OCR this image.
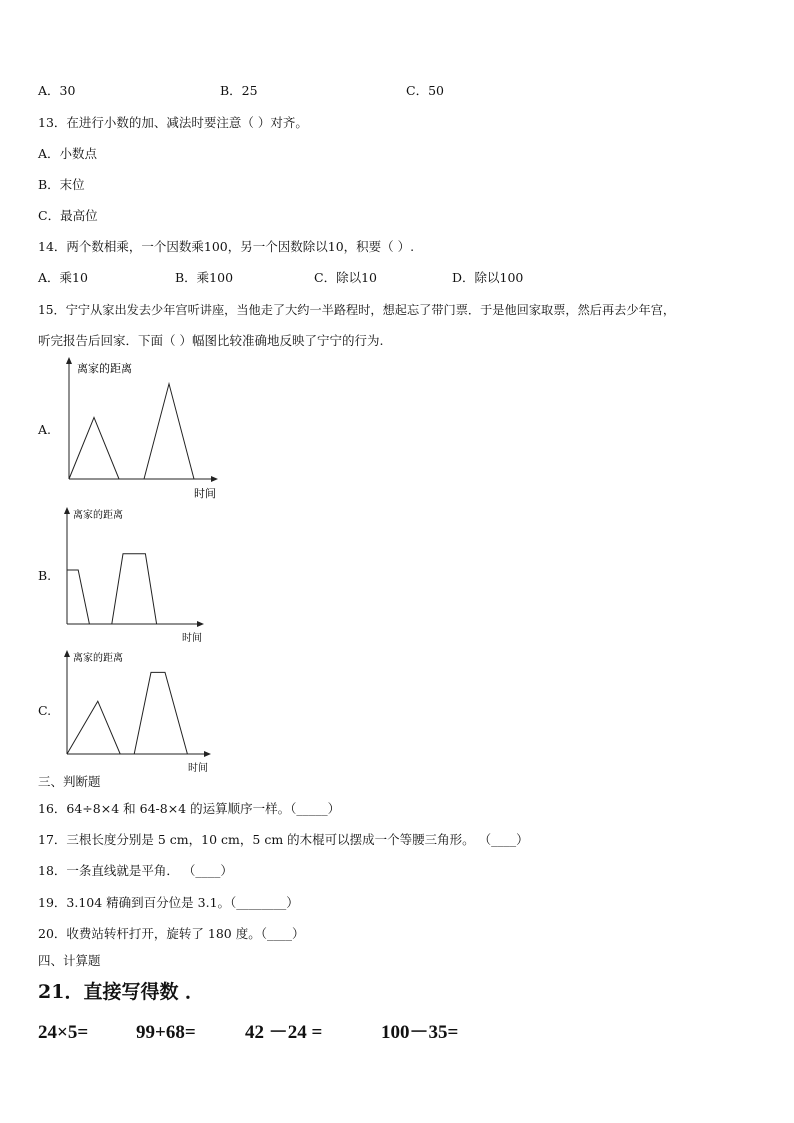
A．30	B．25	C．50
13．在进行小数的加、减法时要注意（ ）对齐。
A．小数点
B．末位
C．最高位
14．两个数相乘，一个因数乘100，另一个因数除以10，积要（ ）.
A．乘10	B．乘100	C．除以10	D．除以100
15．宁宁从家出发去少年宫听讲座，当他走了大约一半路程时，想起忘了带门票．于是他回家取票，然后再去少年宫，
听完报告后回家．下面（ ）幅图比较准确地反映了宁宁的行为.
A.
B.
C.
离家的距离
时间
离家的距离
时间
离家的距离
时间
三、判断题
16．64÷8×4 和 64-8×4 的运算顺序一样。（_____）
17．三根长度分别是 5 cm，10 cm，5 cm 的木棍可以摆成一个等腰三角形。 （____）
18．一条直线就是平角． （____）
19．3.104 精确到百分位是 3.1。（________）
20．收费站转杆打开，旋转了 180 度。（____）
四、计算题
21．直接写得数 ．
24×5=	99+68=	42 －24 =	100－35=
